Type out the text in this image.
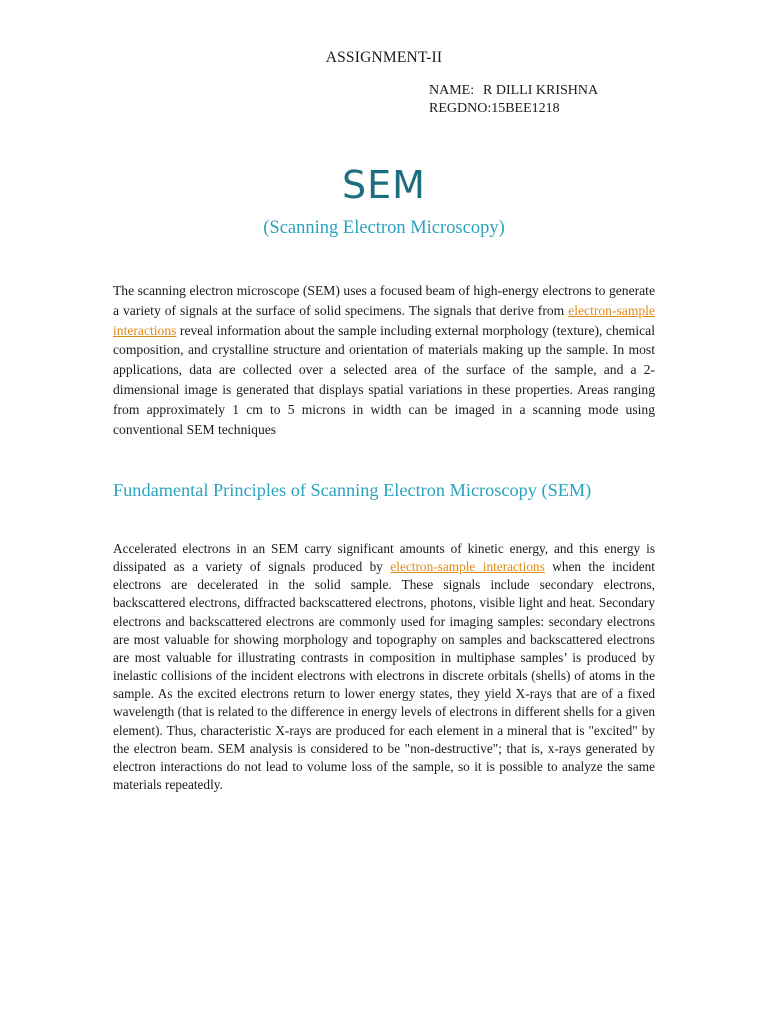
ASSIGNMENT-II
NAME: R DILLI KRISHNA
REGDNO:15BEE1218
SEM
(Scanning Electron Microscopy)
The scanning electron microscope (SEM) uses a focused beam of high-energy electrons to generate a variety of signals at the surface of solid specimens. The signals that derive from electron-sample interactions reveal information about the sample including external morphology (texture), chemical composition, and crystalline structure and orientation of materials making up the sample. In most applications, data are collected over a selected area of the surface of the sample, and a 2-dimensional image is generated that displays spatial variations in these properties. Areas ranging from approximately 1 cm to 5 microns in width can be imaged in a scanning mode using conventional SEM techniques
Fundamental Principles of Scanning Electron Microscopy (SEM)
Accelerated electrons in an SEM carry significant amounts of kinetic energy, and this energy is dissipated as a variety of signals produced by electron-sample interactions when the incident electrons are decelerated in the solid sample. These signals include secondary electrons, backscattered electrons, diffracted backscattered electrons, photons, visible light and heat. Secondary electrons and backscattered electrons are commonly used for imaging samples: secondary electrons are most valuable for showing morphology and topography on samples and backscattered electrons are most valuable for illustrating contrasts in composition in multiphase samples’ is produced by inelastic collisions of the incident electrons with electrons in discrete orbitals (shells) of atoms in the sample. As the excited electrons return to lower energy states, they yield X-rays that are of a fixed wavelength (that is related to the difference in energy levels of electrons in different shells for a given element). Thus, characteristic X-rays are produced for each element in a mineral that is "excited" by the electron beam. SEM analysis is considered to be "non-destructive"; that is, x-rays generated by electron interactions do not lead to volume loss of the sample, so it is possible to analyze the same materials repeatedly.
